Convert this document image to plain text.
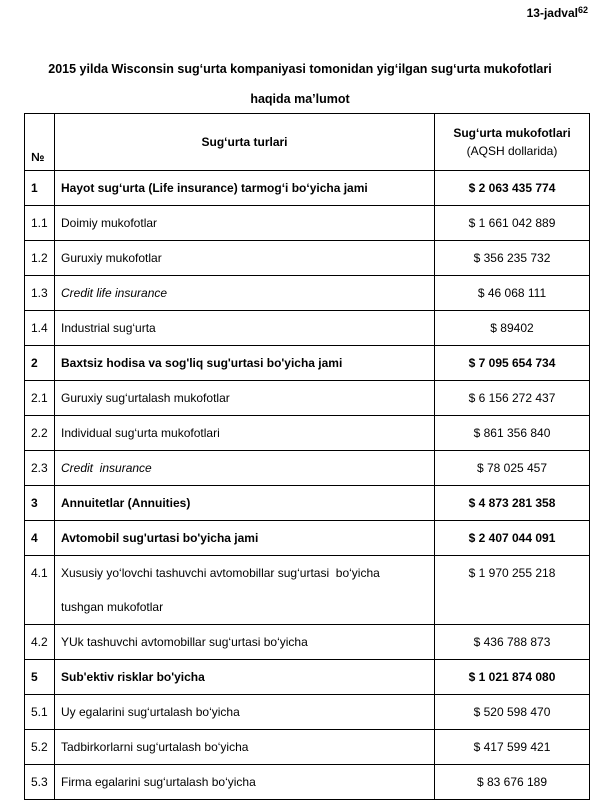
13-jadval$^{62}$
2015 yilda Wisconsin sug‘urta kompaniyasi tomonidan yig‘ilgan sug‘urta mukofotlari
haqida ma’lumot
№	Sug‘urta turlari	Sug‘urta mukofotlari
(AQSH dollarida)

1	Hayot sug‘urta (Life insurance) tarmog‘i bo‘yicha jami	$ 2 063 435 774
1.1	Doimiy mukofotlar	$ 1 661 042 889
1.2	Guruxiy mukofotlar	$ 356 235 732
1.3	Credit life insurance	$ 46 068 111
1.4	Industrial sug‘urta	$ 89402
2	Baxtsiz hodisa va sog'liq sug'urtasi bo'yicha jami	$ 7 095 654 734
2.1	Guruxiy sug‘urtalash mukofotlar	$ 6 156 272 437
2.2	Individual sug‘urta mukofotlari	$ 861 356 840
2.3	Credit  insurance	$ 78 025 457
3	Annuitetlar (Annuities)	$ 4 873 281 358
4	Avtomobil sug'urtasi bo'yicha jami	$ 2 407 044 091
4.1	Xususiy yo‘lovchi tashuvchi avtomobillar sug‘urtasi  bo‘yicha
tushgan mukofotlar	$ 1 970 255 218
4.2	YUk tashuvchi avtomobillar sug‘urtasi bo‘yicha	$ 436 788 873
5	Sub'ektiv risklar bo'yicha	$ 1 021 874 080
5.1	Uy egalarini sug‘urtalash bo‘yicha	$ 520 598 470
5.2	Tadbirkorlarni sug‘urtalash bo‘yicha	$ 417 599 421
5.3	Firma egalarini sug‘urtalash bo‘yicha	$ 83 676 189
